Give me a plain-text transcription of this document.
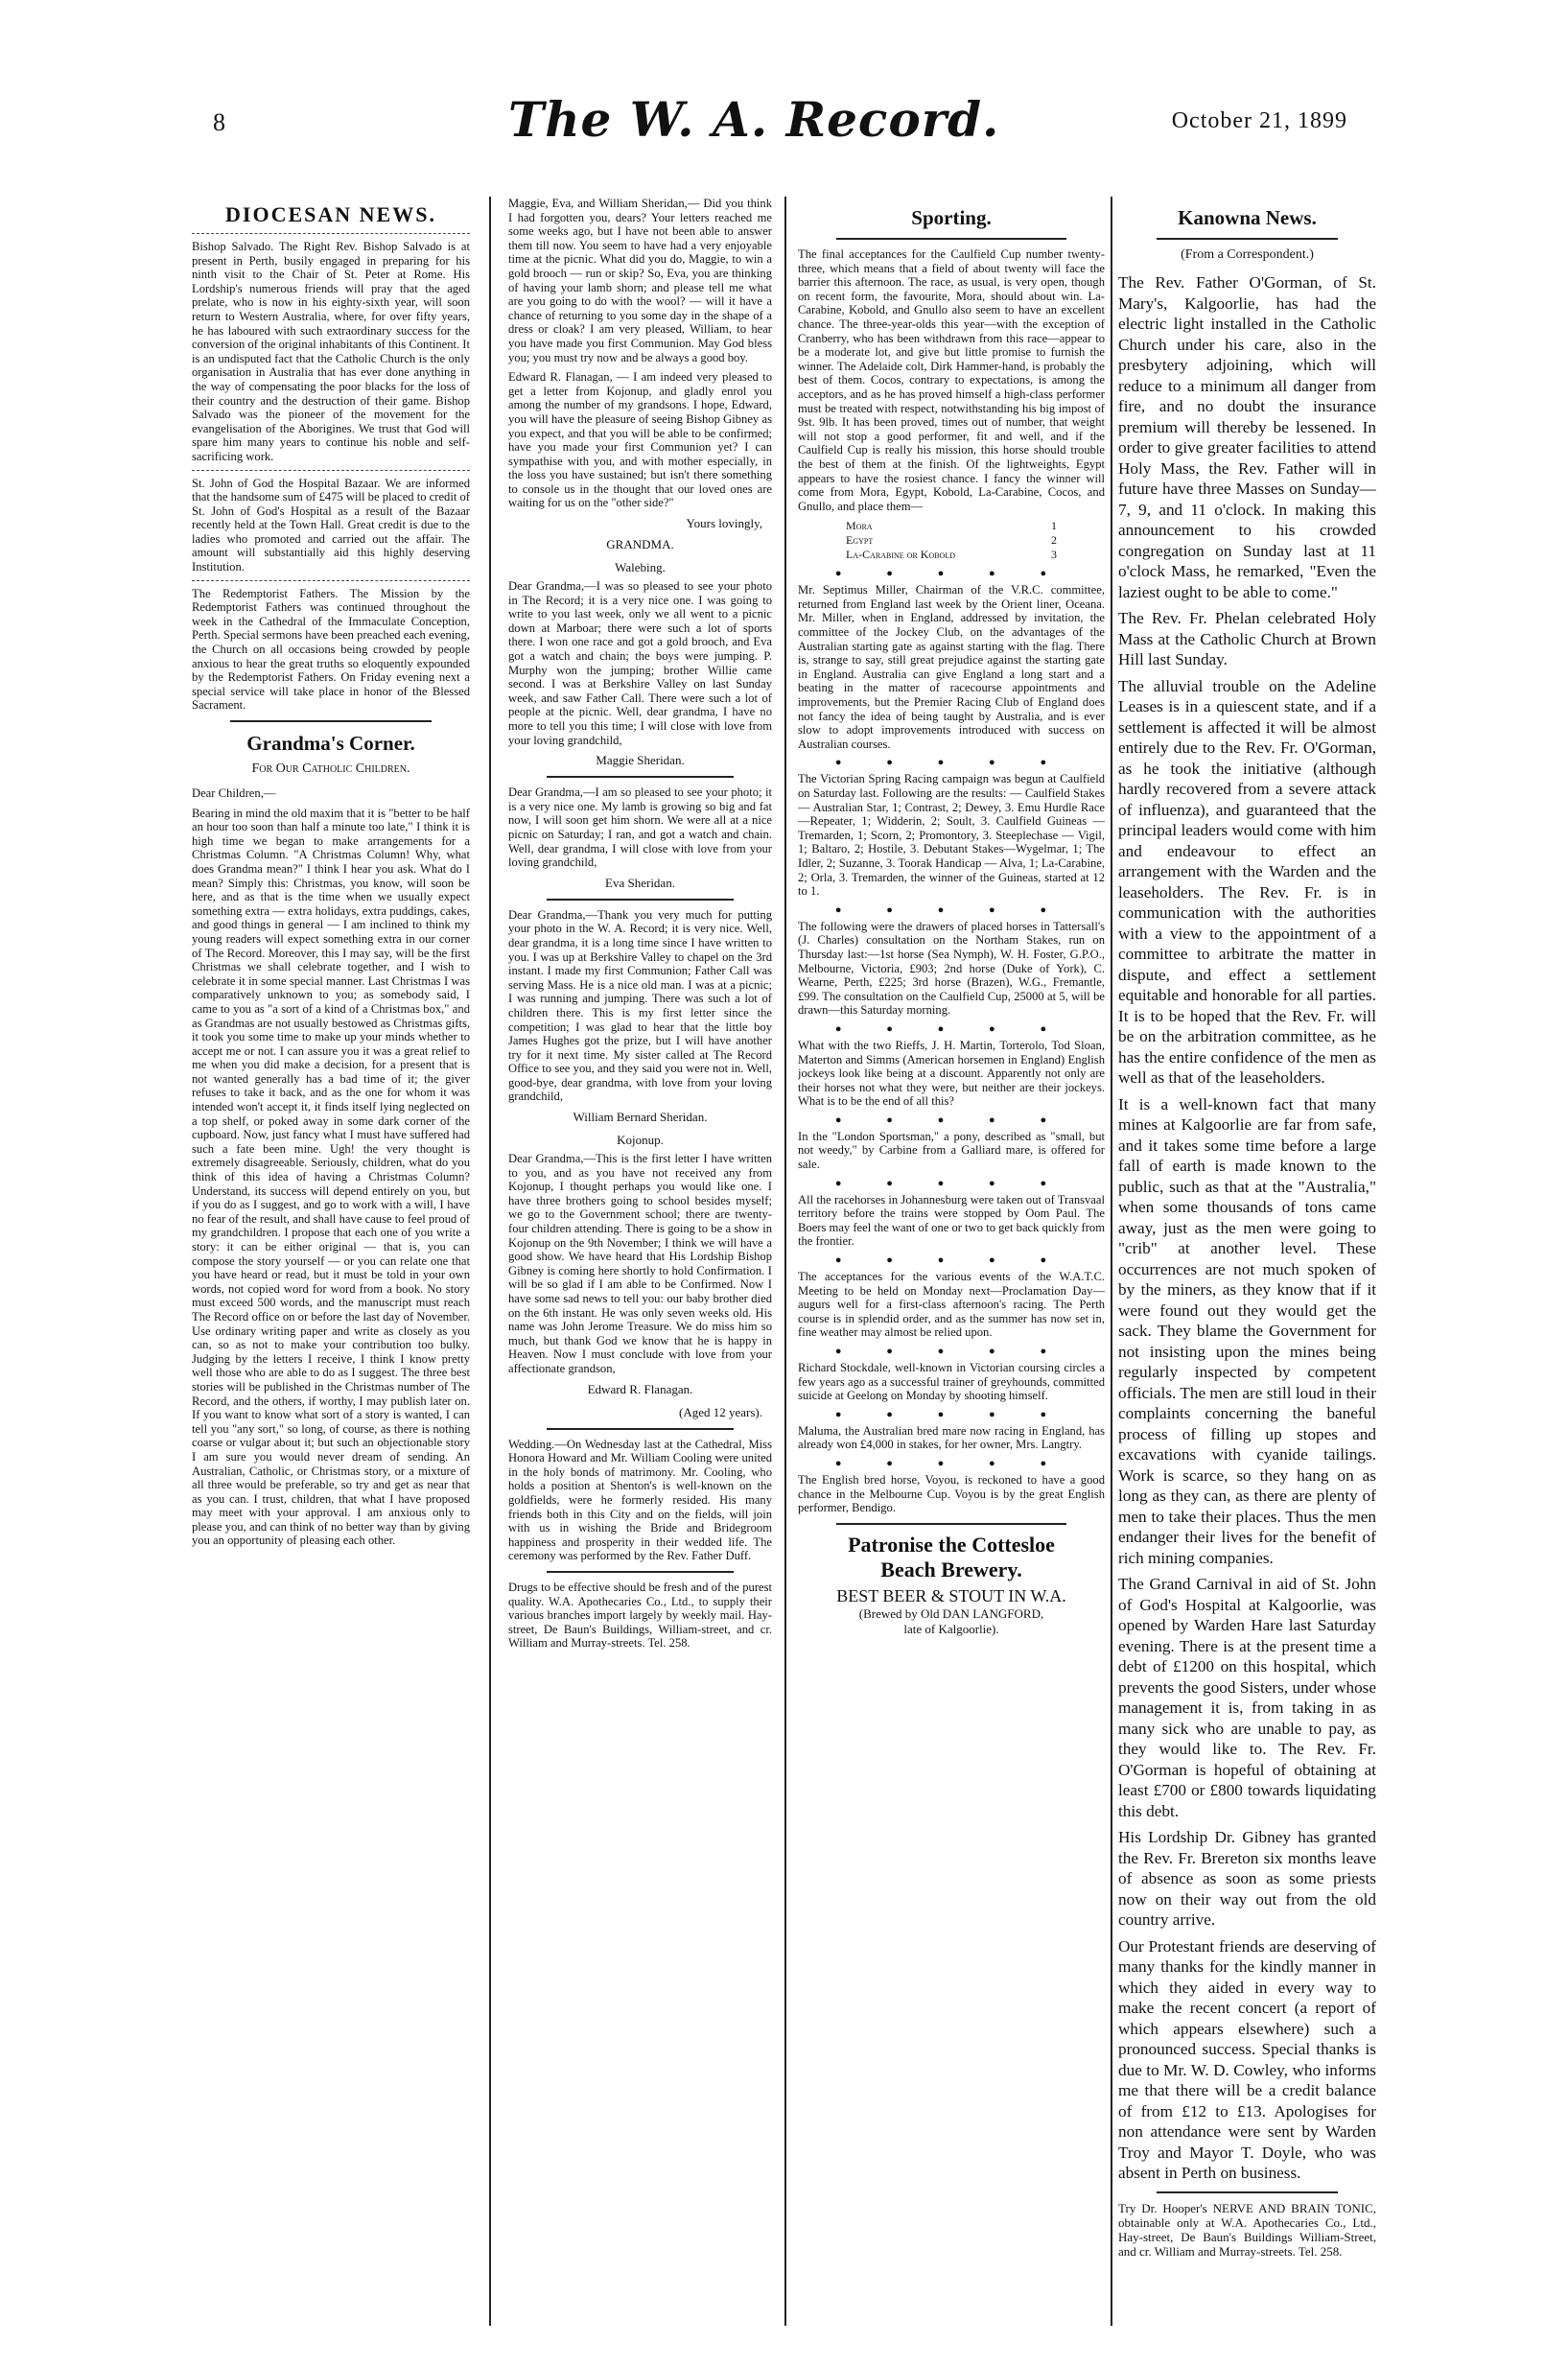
8	The W. A. Record.	October 21, 1899
DIOCESAN NEWS.

Bishop Salvado. The Right Rev. Bishop Salvado is at present in Perth, busily engaged in preparing for his ninth visit to the Chair of St. Peter at Rome. His Lordship's numerous friends will pray that the aged prelate, who is now in his eighty-sixth year, will soon return to Western Australia, where, for over fifty years, he has laboured with such extraordinary success for the conversion of the original inhabitants of this Continent. It is an undisputed fact that the Catholic Church is the only organisation in Australia that has ever done anything in the way of compensating the poor blacks for the loss of their country and the destruction of their game. Bishop Salvado was the pioneer of the movement for the evangelisation of the Aborigines. We trust that God will spare him many years to continue his noble and self-sacrificing work.

St. John of God the Hospital Bazaar. We are informed that the handsome sum of £475 will be placed to credit of St. John of God's Hospital as a result of the Bazaar recently held at the Town Hall. Great credit is due to the ladies who promoted and carried out the affair. The amount will substantially aid this highly deserving Institution.

The Redemptorist Fathers. The Mission by the Redemptorist Fathers was continued throughout the week in the Cathedral of the Immaculate Conception, Perth. Special sermons have been preached each evening, the Church on all occasions being crowded by people anxious to hear the great truths so eloquently expounded by the Redemptorist Fathers. On Friday evening next a special service will take place in honor of the Blessed Sacrament.

Grandma's Corner.
For Our Catholic Children.

Dear Children,—

Bearing in mind the old maxim that it is "better to be half an hour too soon than half a minute too late," I think it is high time we began to make arrangements for a Christmas Column. "A Christmas Column! Why, what does Grandma mean?" I think I hear you ask. What do I mean? Simply this: Christmas, you know, will soon be here, and as that is the time when we usually expect something extra — extra holidays, extra puddings, cakes, and good things in general — I am inclined to think my young readers will expect something extra in our corner of The Record. Moreover, this I may say, will be the first Christmas we shall celebrate together, and I wish to celebrate it in some special manner. Last Christmas I was comparatively unknown to you; as somebody said, I came to you as "a sort of a kind of a Christmas box," and as Grandmas are not usually bestowed as Christmas gifts, it took you some time to make up your minds whether to accept me or not. I can assure you it was a great relief to me when you did make a decision, for a present that is not wanted generally has a bad time of it; the giver refuses to take it back, and as the one for whom it was intended won't accept it, it finds itself lying neglected on a top shelf, or poked away in some dark corner of the cupboard. Now, just fancy what I must have suffered had such a fate been mine. Ugh! the very thought is extremely disagreeable. Seriously, children, what do you think of this idea of having a Christmas Column? Understand, its success will depend entirely on you, but if you do as I suggest, and go to work with a will, I have no fear of the result, and shall have cause to feel proud of my grandchildren. I propose that each one of you write a story: it can be either original — that is, you can compose the story yourself — or you can relate one that you have heard or read, but it must be told in your own words, not copied word for word from a book. No story must exceed 500 words, and the manuscript must reach The Record office on or before the last day of November. Use ordinary writing paper and write as closely as you can, so as not to make your contribution too bulky. Judging by the letters I receive, I think I know pretty well those who are able to do as I suggest. The three best stories will be published in the Christmas number of The Record, and the others, if worthy, I may publish later on. If you want to know what sort of a story is wanted, I can tell you "any sort," so long, of course, as there is nothing coarse or vulgar about it; but such an objectionable story I am sure you would never dream of sending. An Australian, Catholic, or Christmas story, or a mixture of all three would be preferable, so try and get as near that as you can. I trust, children, that what I have proposed may meet with your approval. I am anxious only to please you, and can think of no better way than by giving you an opportunity of pleasing each other.

Maggie, Eva, and William Sheridan,— Did you think I had forgotten you, dears? Your letters reached me some weeks ago, but I have not been able to answer them till now. You seem to have had a very enjoyable time at the picnic. What did you do, Maggie, to win a gold brooch — run or skip? So, Eva, you are thinking of having your lamb shorn; and please tell me what are you going to do with the wool? — will it have a chance of returning to you some day in the shape of a dress or cloak? I am very pleased, William, to hear you have made you first Communion. May God bless you; you must try now and be always a good boy.

Edward R. Flanagan, — I am indeed very pleased to get a letter from Kojonup, and gladly enrol you among the number of my grandsons. I hope, Edward, you will have the pleasure of seeing Bishop Gibney as you expect, and that you will be able to be confirmed; have you made your first Communion yet? I can sympathise with you, and with mother especially, in the loss you have sustained; but isn't there something to console us in the thought that our loved ones are waiting for us on the "other side?"

Yours lovingly,
GRANDMA.
Walebing.

Dear Grandma,—I was so pleased to see your photo in The Record; it is a very nice one. I was going to write to you last week, only we all went to a picnic down at Marboar; there were such a lot of sports there. I won one race and got a gold brooch, and Eva got a watch and chain; the boys were jumping. P. Murphy won the jumping; brother Willie came second. I was at Berkshire Valley on last Sunday week, and saw Father Call. There were such a lot of people at the picnic. Well, dear grandma, I have no more to tell you this time; I will close with love from your loving grandchild,

Maggie Sheridan.

Dear Grandma,—I am so pleased to see your photo; it is a very nice one. My lamb is growing so big and fat now, I will soon get him shorn. We were all at a nice picnic on Saturday; I ran, and got a watch and chain. Well, dear grandma, I will close with love from your loving grandchild,

Eva Sheridan.

Dear Grandma,—Thank you very much for putting your photo in the W. A. Record; it is very nice. Well, dear grandma, it is a long time since I have written to you. I was up at Berkshire Valley to chapel on the 3rd instant. I made my first Communion; Father Call was serving Mass. He is a nice old man. I was at a picnic; I was running and jumping. There was such a lot of children there. This is my first letter since the competition; I was glad to hear that the little boy James Hughes got the prize, but I will have another try for it next time. My sister called at The Record Office to see you, and they said you were not in. Well, good-bye, dear grandma, with love from your loving grandchild,

William Bernard Sheridan.
Kojonup.

Dear Grandma,—This is the first letter I have written to you, and as you have not received any from Kojonup, I thought perhaps you would like one. I have three brothers going to school besides myself; we go to the Government school; there are twenty-four children attending. There is going to be a show in Kojonup on the 9th November; I think we will have a good show. We have heard that His Lordship Bishop Gibney is coming here shortly to hold Confirmation. I will be so glad if I am able to be Confirmed. Now I have some sad news to tell you: our baby brother died on the 6th instant. He was only seven weeks old. His name was John Jerome Treasure. We do miss him so much, but thank God we know that he is happy in Heaven. Now I must conclude with love from your affectionate grandson,

Edward R. Flanagan.
(Aged 12 years).

Wedding.—On Wednesday last at the Cathedral, Miss Honora Howard and Mr. William Cooling were united in the holy bonds of matrimony. Mr. Cooling, who holds a position at Shenton's is well-known on the goldfields, were he formerly resided. His many friends both in this City and on the fields, will join with us in wishing the Bride and Bridegroom happiness and prosperity in their wedded life. The ceremony was performed by the Rev. Father Duff.

Drugs to be effective should be fresh and of the purest quality. W.A. Apothecaries Co., Ltd., to supply their various branches import largely by weekly mail. Hay-street, De Baun's Buildings, William-street, and cr. William and Murray-streets. Tel. 258.

Sporting.

The final acceptances for the Caulfield Cup number twenty-three, which means that a field of about twenty will face the barrier this afternoon. The race, as usual, is very open, though on recent form, the favourite, Mora, should about win. La-Carabine, Kobold, and Gnullo also seem to have an excellent chance. The three-year-olds this year—with the exception of Cranberry, who has been withdrawn from this race—appear to be a moderate lot, and give but little promise to furnish the winner. The Adelaide colt, Dirk Hammer-hand, is probably the best of them. Cocos, contrary to expectations, is among the acceptors, and as he has proved himself a high-class performer must be treated with respect, notwithstanding his big impost of 9st. 9lb. It has been proved, times out of number, that weight will not stop a good performer, fit and well, and if the Caulfield Cup is really his mission, this horse should trouble the best of them at the finish. Of the lightweights, Egypt appears to have the rosiest chance. I fancy the winner will come from Mora, Egypt, Kobold, La-Carabine, Cocos, and Gnullo, and place them—

Mora	1
Egypt	2
La-Carabine or Kobold	3
● ● ● ● ●

Mr. Septimus Miller, Chairman of the V.R.C. committee, returned from England last week by the Orient liner, Oceana. Mr. Miller, when in England, addressed by invitation, the committee of the Jockey Club, on the advantages of the Australian starting gate as against starting with the flag. There is, strange to say, still great prejudice against the starting gate in England. Australia can give England a long start and a beating in the matter of racecourse appointments and improvements, but the Premier Racing Club of England does not fancy the idea of being taught by Australia, and is ever slow to adopt improvements introduced with success on Australian courses.

● ● ● ● ●

The Victorian Spring Racing campaign was begun at Caulfield on Saturday last. Following are the results: — Caulfield Stakes — Australian Star, 1; Contrast, 2; Dewey, 3. Emu Hurdle Race—Repeater, 1; Widderin, 2; Soult, 3. Caulfield Guineas — Tremarden, 1; Scorn, 2; Promontory, 3. Steeplechase — Vigil, 1; Baltaro, 2; Hostile, 3. Debutant Stakes—Wygelmar, 1; The Idler, 2; Suzanne, 3. Toorak Handicap — Alva, 1; La-Carabine, 2; Orla, 3. Tremarden, the winner of the Guineas, started at 12 to 1.

● ● ● ● ●

The following were the drawers of placed horses in Tattersall's (J. Charles) consultation on the Northam Stakes, run on Thursday last:—1st horse (Sea Nymph), W. H. Foster, G.P.O., Melbourne, Victoria, £903; 2nd horse (Duke of York), C. Wearne, Perth, £225; 3rd horse (Brazen), W.G., Fremantle, £99. The consultation on the Caulfield Cup, 25000 at 5, will be drawn—this Saturday morning.

● ● ● ● ●

What with the two Rieffs, J. H. Martin, Torterolo, Tod Sloan, Materton and Simms (American horsemen in England) English jockeys look like being at a discount. Apparently not only are their horses not what they were, but neither are their jockeys. What is to be the end of all this?

● ● ● ● ●

In the "London Sportsman," a pony, described as "small, but not weedy," by Carbine from a Galliard mare, is offered for sale.

● ● ● ● ●

All the racehorses in Johannesburg were taken out of Transvaal territory before the trains were stopped by Oom Paul. The Boers may feel the want of one or two to get back quickly from the frontier.

● ● ● ● ●

The acceptances for the various events of the W.A.T.C. Meeting to be held on Monday next—Proclamation Day—augurs well for a first-class afternoon's racing. The Perth course is in splendid order, and as the summer has now set in, fine weather may almost be relied upon.

● ● ● ● ●

Richard Stockdale, well-known in Victorian coursing circles a few years ago as a successful trainer of greyhounds, committed suicide at Geelong on Monday by shooting himself.

● ● ● ● ●

Maluma, the Australian bred mare now racing in England, has already won £4,000 in stakes, for her owner, Mrs. Langtry.

● ● ● ● ●

The English bred horse, Voyou, is reckoned to have a good chance in the Melbourne Cup. Voyou is by the great English performer, Bendigo.

Patronise the Cottesloe
Beach Brewery.
BEST BEER & STOUT IN W.A.
(Brewed by Old DAN LANGFORD,
late of Kalgoorlie).
Kanowna News.
(From a Correspondent.)

The Rev. Father O'Gorman, of St. Mary's, Kalgoorlie, has had the electric light installed in the Catholic Church under his care, also in the presbytery adjoining, which will reduce to a minimum all danger from fire, and no doubt the insurance premium will thereby be lessened. In order to give greater facilities to attend Holy Mass, the Rev. Father will in future have three Masses on Sunday—7, 9, and 11 o'clock. In making this announcement to his crowded congregation on Sunday last at 11 o'clock Mass, he remarked, "Even the laziest ought to be able to come."

The Rev. Fr. Phelan celebrated Holy Mass at the Catholic Church at Brown Hill last Sunday.

The alluvial trouble on the Adeline Leases is in a quiescent state, and if a settlement is affected it will be almost entirely due to the Rev. Fr. O'Gorman, as he took the initiative (although hardly recovered from a severe attack of influenza), and guaranteed that the principal leaders would come with him and endeavour to effect an arrangement with the Warden and the leaseholders. The Rev. Fr. is in communication with the authorities with a view to the appointment of a committee to arbitrate the matter in dispute, and effect a settlement equitable and honorable for all parties. It is to be hoped that the Rev. Fr. will be on the arbitration committee, as he has the entire confidence of the men as well as that of the leaseholders.

It is a well-known fact that many mines at Kalgoorlie are far from safe, and it takes some time before a large fall of earth is made known to the public, such as that at the "Australia," when some thousands of tons came away, just as the men were going to "crib" at another level. These occurrences are not much spoken of by the miners, as they know that if it were found out they would get the sack. They blame the Government for not insisting upon the mines being regularly inspected by competent officials. The men are still loud in their complaints concerning the baneful process of filling up stopes and excavations with cyanide tailings. Work is scarce, so they hang on as long as they can, as there are plenty of men to take their places. Thus the men endanger their lives for the benefit of rich mining companies.

The Grand Carnival in aid of St. John of God's Hospital at Kalgoorlie, was opened by Warden Hare last Saturday evening. There is at the present time a debt of £1200 on this hospital, which prevents the good Sisters, under whose management it is, from taking in as many sick who are unable to pay, as they would like to. The Rev. Fr. O'Gorman is hopeful of obtaining at least £700 or £800 towards liquidating this debt.

His Lordship Dr. Gibney has granted the Rev. Fr. Brereton six months leave of absence as soon as some priests now on their way out from the old country arrive.

Our Protestant friends are deserving of many thanks for the kindly manner in which they aided in every way to make the recent concert (a report of which appears elsewhere) such a pronounced success. Special thanks is due to Mr. W. D. Cowley, who informs me that there will be a credit balance of from £12 to £13. Apologises for non attendance were sent by Warden Troy and Mayor T. Doyle, who was absent in Perth on business.

Try Dr. Hooper's NERVE AND BRAIN TONIC, obtainable only at W.A. Apothecaries Co., Ltd., Hay-street, De Baun's Buildings William-Street, and cr. William and Murray-streets. Tel. 258.
